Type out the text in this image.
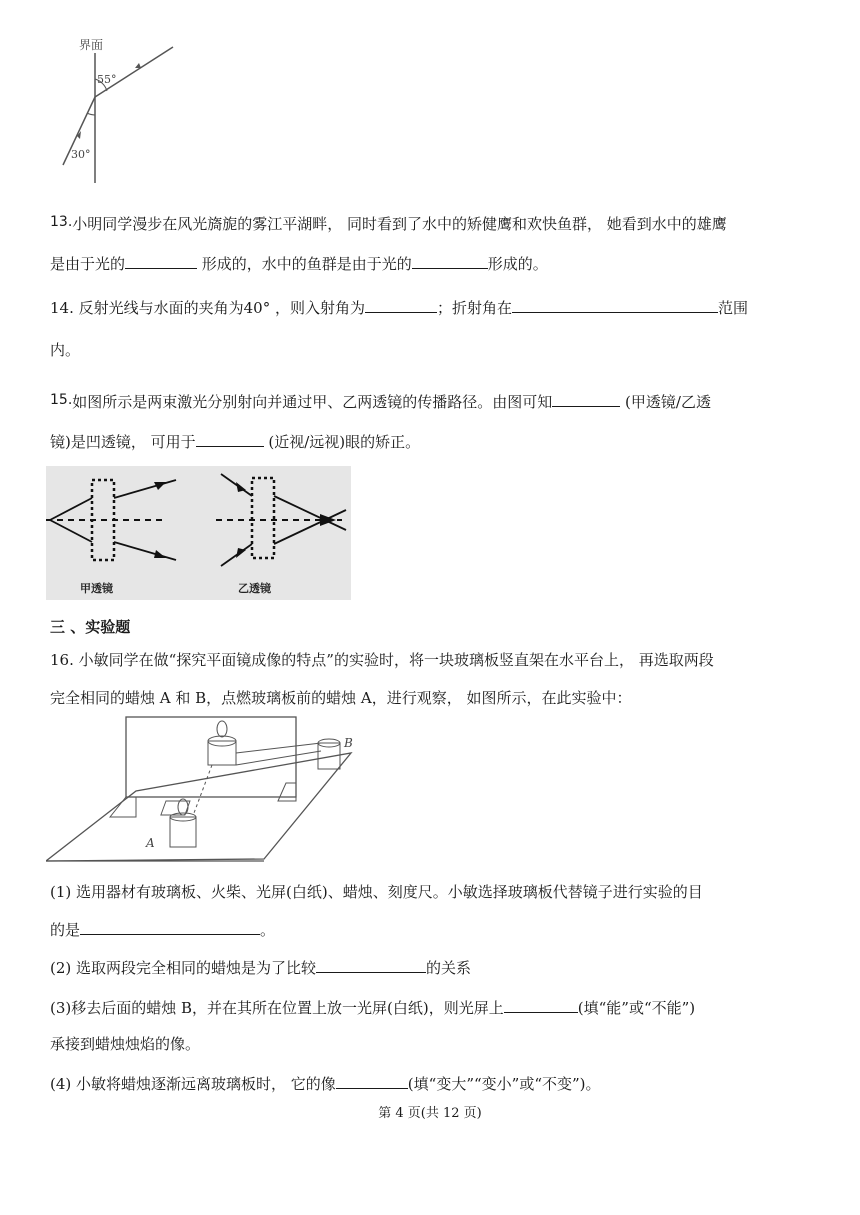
界面
55°
30°
13.小明同学漫步在风光旖旎的雾江平湖畔， 同时看到了水中的矫健鹰和欢快鱼群， 她看到水中的雄鹰
是由于光的	形成的，水中的鱼群是由于光的	形成的。
14. 反射光线与水面的夹角为40° ，则入射角为	；折射角在	范围
内。
15.如图所示是两束激光分别射向并通过甲、乙两透镜的传播路径。由图可知	(甲透镜/乙透
镜)是凹透镜， 可用于	(近视/远视)眼的矫正。
甲透镜	乙透镜
三 、实验题
16. 小敏同学在做“探究平面镜成像的特点”的实验时，将一块玻璃板竖直架在水平台上， 再选取两段
完全相同的蜡烛 A 和 B，点燃玻璃板前的蜡烛 A，进行观察， 如图所示，在此实验中：
B
A
(1) 选用器材有玻璃板、火柴、光屏(白纸)、蜡烛、刻度尺。小敏选择玻璃板代替镜子进行实验的目
的是	。
(2) 选取两段完全相同的蜡烛是为了比较	的关系
(3)移去后面的蜡烛 B，并在其所在位置上放一光屏(白纸)，则光屏上	(填“能”或“不能”)
承接到蜡烛烛焰的像。
(4) 小敏将蜡烛逐渐远离玻璃板时， 它的像	(填“变大”“变小”或“不变”)。
第 4 页(共 12 页)
